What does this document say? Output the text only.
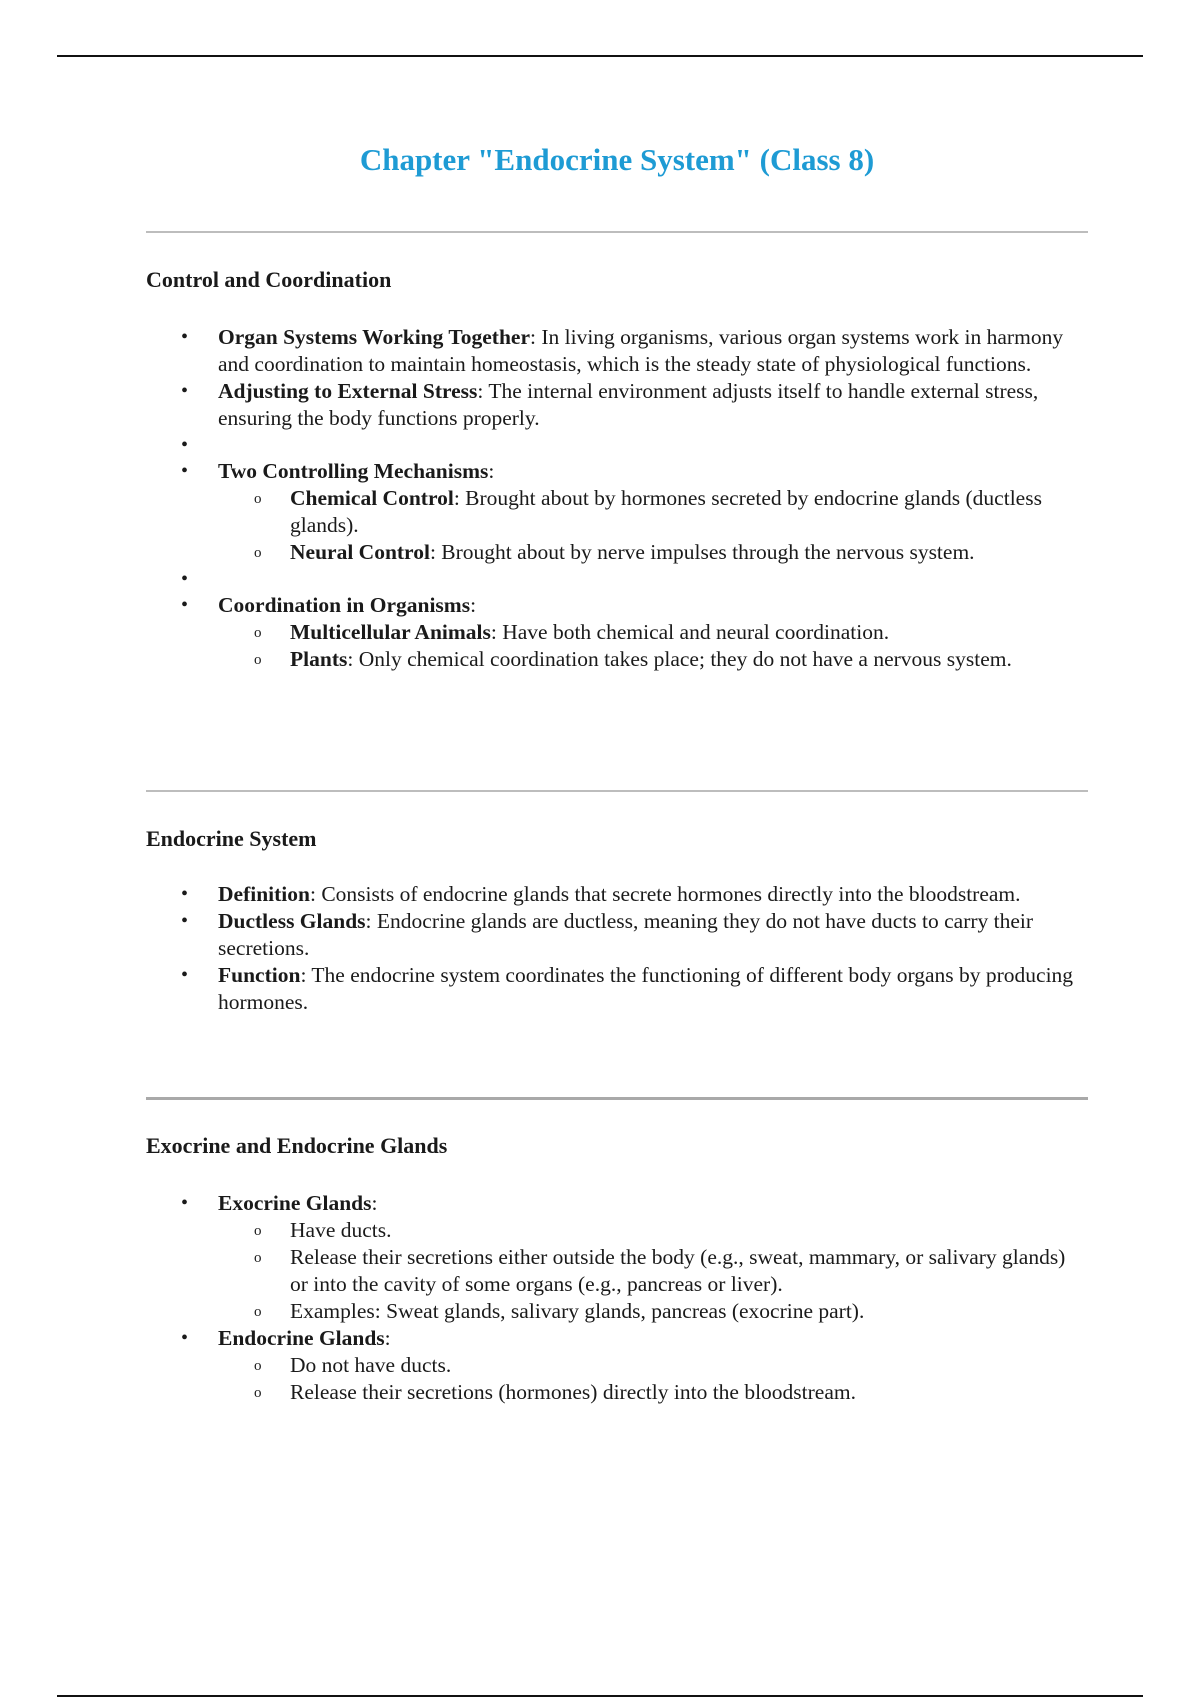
Chapter "Endocrine System" (Class 8)
Control and Coordination
• Organ Systems Working Together: In living organisms, various organ systems work in harmony and coordination to maintain homeostasis, which is the steady state of physiological functions.
• Adjusting to External Stress: The internal environment adjusts itself to handle external stress, ensuring the body functions properly.
•
• Two Controlling Mechanisms:
o Chemical Control: Brought about by hormones secreted by endocrine glands (ductless glands).
o Neural Control: Brought about by nerve impulses through the nervous system.
•
• Coordination in Organisms:
o Multicellular Animals: Have both chemical and neural coordination.
o Plants: Only chemical coordination takes place; they do not have a nervous system.
Endocrine System
• Definition: Consists of endocrine glands that secrete hormones directly into the bloodstream.
• Ductless Glands: Endocrine glands are ductless, meaning they do not have ducts to carry their secretions.
• Function: The endocrine system coordinates the functioning of different body organs by producing hormones.
Exocrine and Endocrine Glands
• Exocrine Glands:
o Have ducts.
o Release their secretions either outside the body (e.g., sweat, mammary, or salivary glands) or into the cavity of some organs (e.g., pancreas or liver).
o Examples: Sweat glands, salivary glands, pancreas (exocrine part).
• Endocrine Glands:
o Do not have ducts.
o Release their secretions (hormones) directly into the bloodstream.
